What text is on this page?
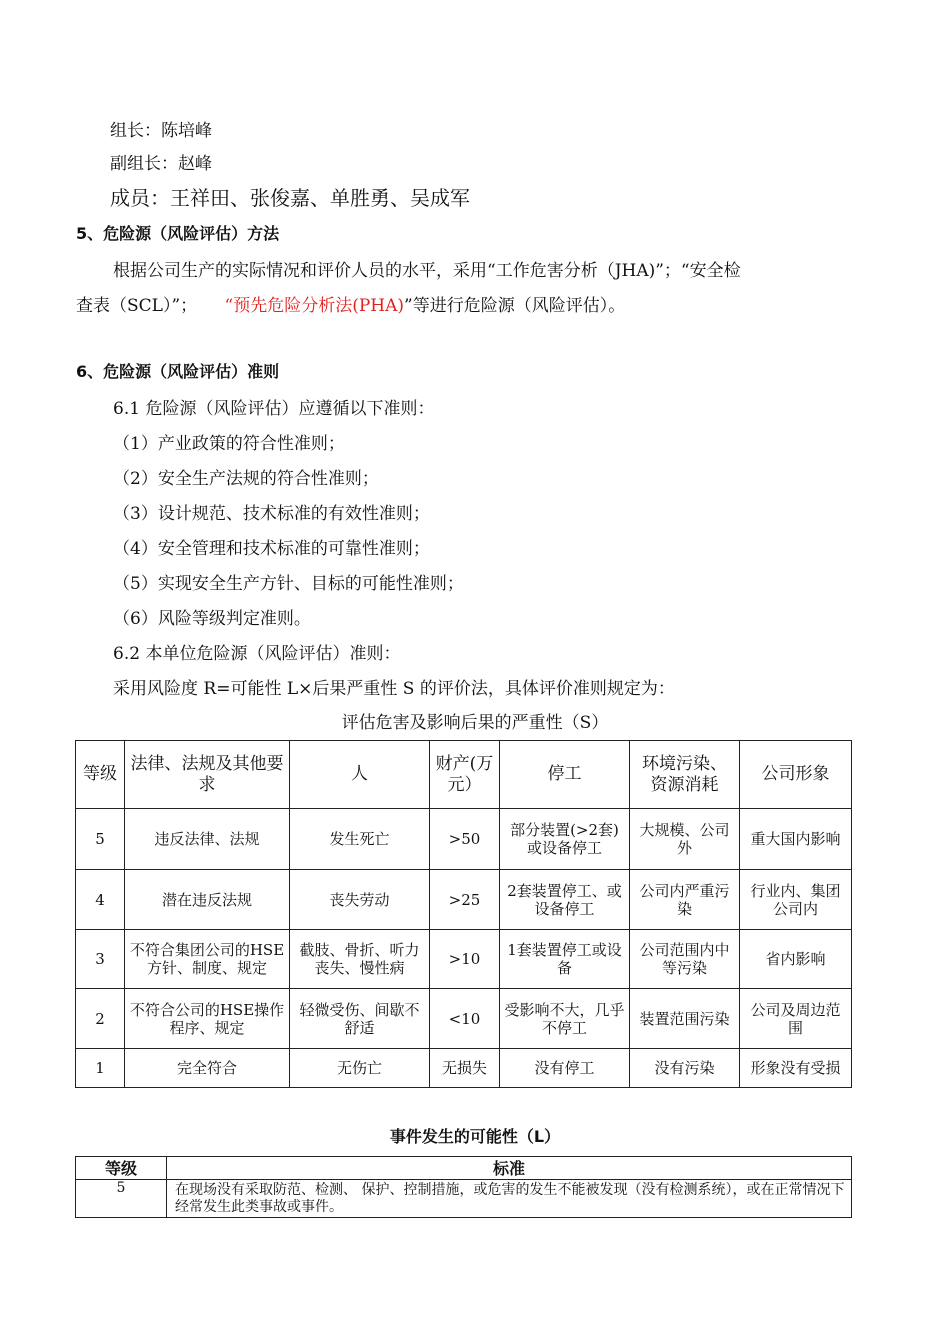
组长：陈培峰
副组长：赵峰
成员：王祥田、张俊嘉、单胜勇、吴成军
5、危险源（风险评估）方法
根据公司生产的实际情况和评价人员的水平，采用“工作危害分析（JHA)”；“安全检
查表（SCL）”； “预先危险分析法(PHA)”等进行危险源（风险评估）。
6、危险源（风险评估）准则
6.1 危险源（风险评估）应遵循以下准则：
（1）产业政策的符合性准则；
（2）安全生产法规的符合性准则；
（3）设计规范、技术标准的有效性准则；
（4）安全管理和技术标准的可靠性准则；
（5）实现安全生产方针、目标的可能性准则；
（6）风险等级判定准则。
6.2 本单位危险源（风险评估）准则：
采用风险度 R=可能性 L×后果严重性 S 的评价法，具体评价准则规定为：
评估危害及影响后果的严重性（S）
等级	法律、法规及其他要求	人	财产(万元）	停工	环境污染、资源消耗	公司形象
5	违反法律、法规	发生死亡	>50	部分装置(>2套)或设备停工	大规模、公司外	重大国内影响
4	潜在违反法规	丧失劳动	>25	2套装置停工、或设备停工	公司内严重污染	行业内、集团公司内
3	不符合集团公司的HSE方针、制度、规定	截肢、骨折、听力丧失、慢性病	>10	1套装置停工或设备	公司范围内中等污染	省内影响
2	不符合公司的HSE操作程序、规定	轻微受伤、间歇不舒适	<10	受影响不大，几乎不停工	装置范围污染	公司及周边范围
1	完全符合	无伤亡	无损失	没有停工	没有污染	形象没有受损
事件发生的可能性（L）
等级	标准
5	在现场没有采取防范、检测、 保护、控制措施，或危害的发生不能被发现（没有检测系统），或在正常情况下经常发生此类事故或事件。
